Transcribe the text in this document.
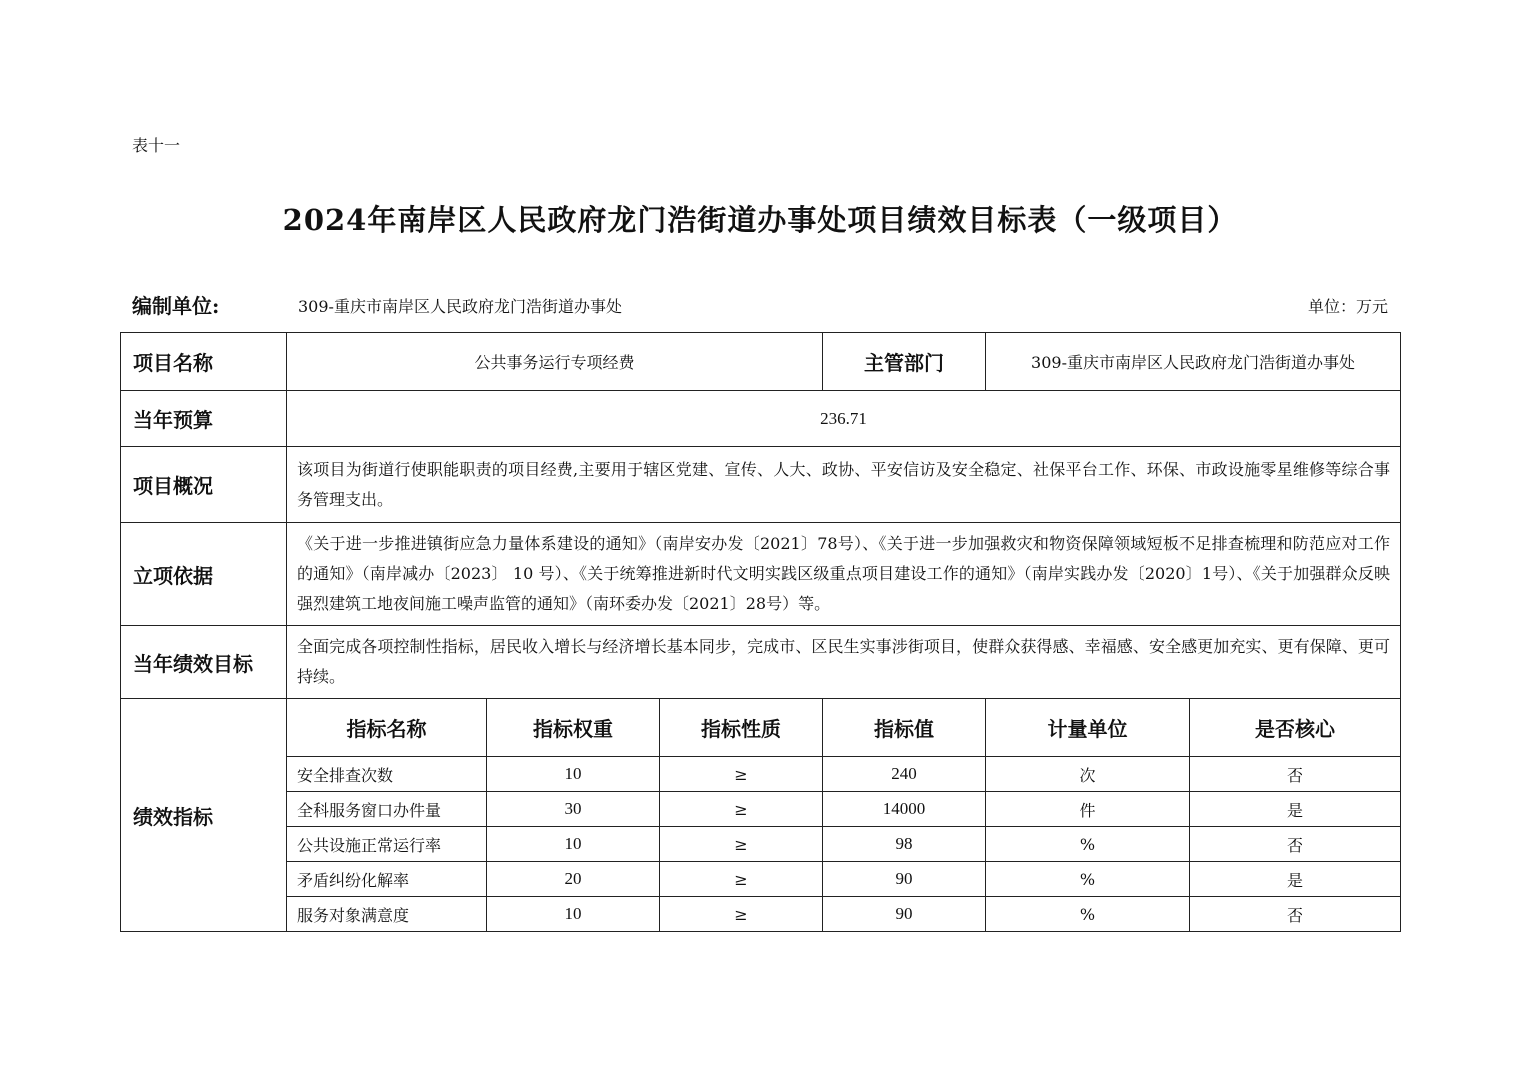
表十一
2024年南岸区人民政府龙门浩街道办事处项目绩效目标表（一级项目）
编制单位:	309-重庆市南岸区人民政府龙门浩街道办事处	单位：万元
项目名称	公共事务运行专项经费			主管部门	309-重庆市南岸区人民政府龙门浩街道办事处	
当年预算	236.71					
项目概况	该项目为街道行使职能职责的项目经费,主要用于辖区党建、宣传、人大、政协、平安信访及安全稳定、社保平台工作、环保、市政设施零星维修等综合事务管理支出。					
立项依据	《关于进一步推进镇街应急力量体系建设的通知》（南岸安办发〔2021〕78号）、《关于进一步加强救灾和物资保障领域短板不足排查梳理和防范应对工作的通知》（南岸减办〔2023〕 10 号）、《关于统筹推进新时代文明实践区级重点项目建设工作的通知》（南岸实践办发〔2020〕1号）、《关于加强群众反映强烈建筑工地夜间施工噪声监管的通知》（南环委办发〔2021〕28号）等。					
当年绩效目标	全面完成各项控制性指标，居民收入增长与经济增长基本同步，完成市、区民生实事涉街项目，使群众获得感、幸福感、安全感更加充实、更有保障、更可持续。					
绩效指标	指标名称	指标权重	指标性质	指标值	计量单位	是否核心
	安全排查次数	10	≥	240	次	否
	全科服务窗口办件量	30	≥	14000	件	是
	公共设施正常运行率	10	≥	98	%	否
	矛盾纠纷化解率	20	≥	90	%	是
	服务对象满意度	10	≥	90	%	否
